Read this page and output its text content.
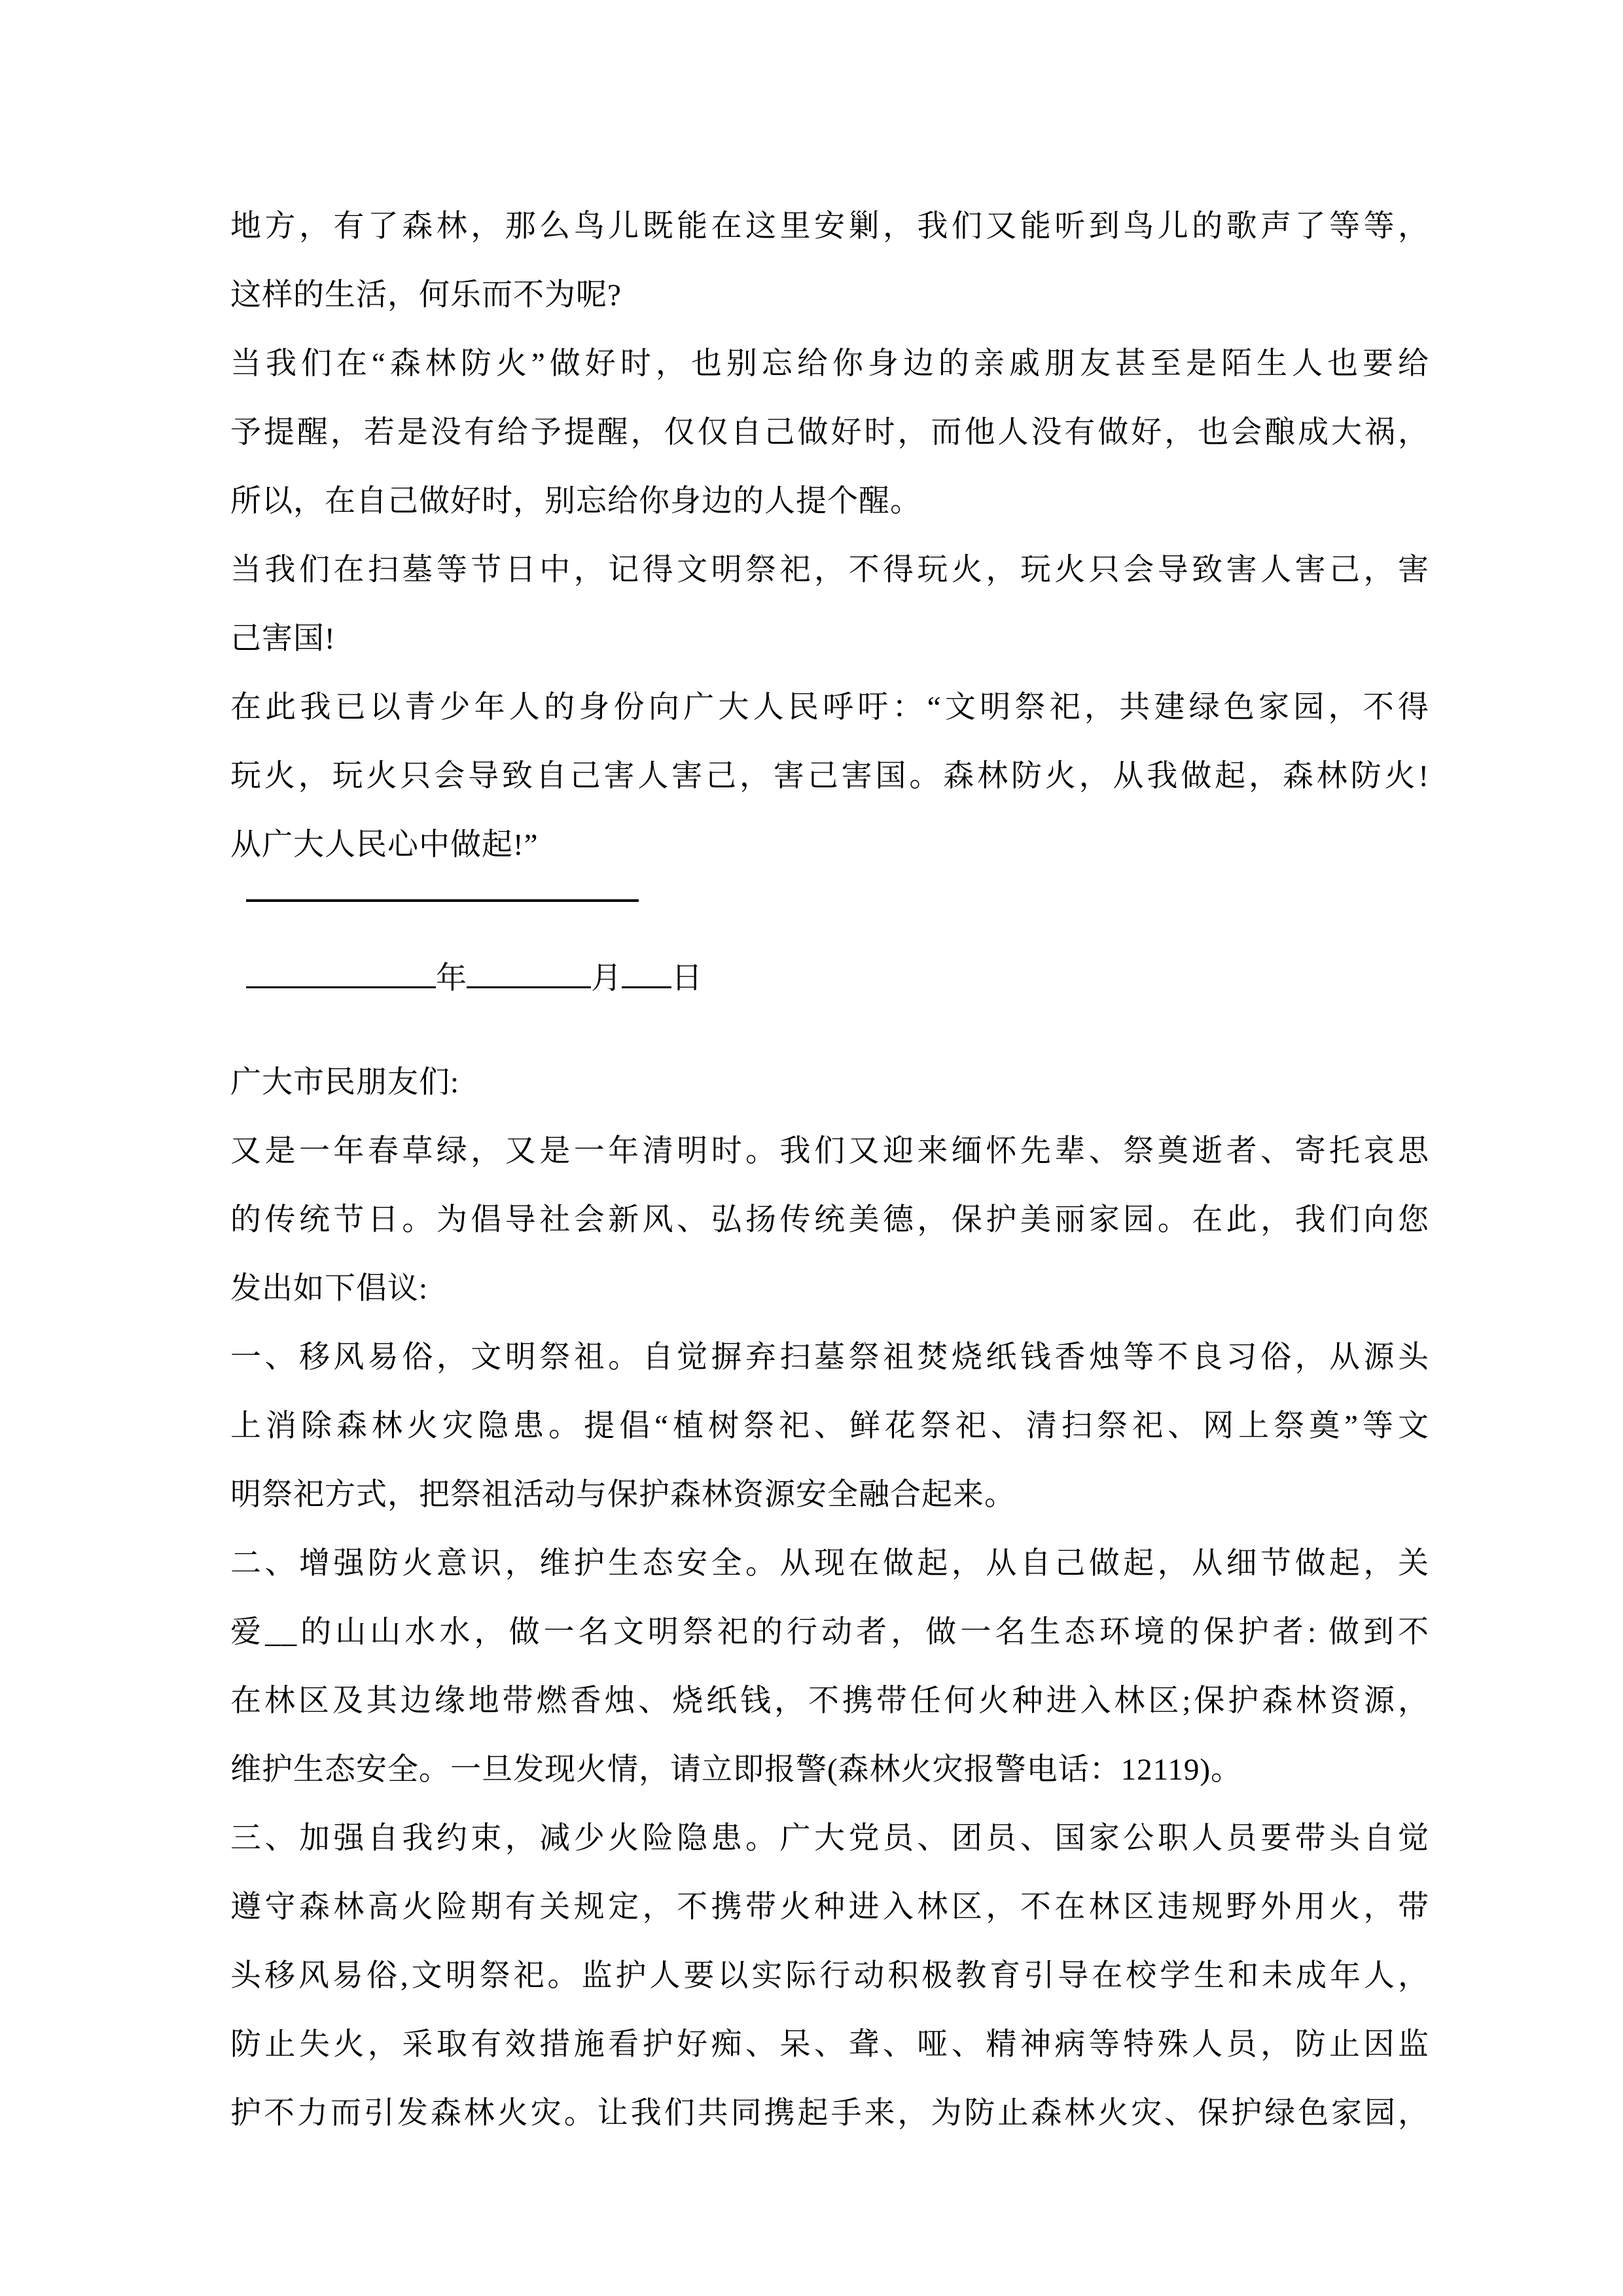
地方，有了森林，那么鸟儿既能在这里安剿，我们又能听到鸟儿的歌声了等等，
这样的生活，何乐而不为呢?
当我们在“森林防火”做好时，也别忘给你身边的亲戚朋友甚至是陌生人也要给
予提醒，若是没有给予提醒，仅仅自己做好时，而他人没有做好，也会酿成大祸，
所以，在自己做好时，别忘给你身边的人提个醒。
当我们在扫墓等节日中，记得文明祭祀，不得玩火，玩火只会导致害人害己，害
己害国!
在此我已以青少年人的身份向广大人民呼吁：“文明祭祀，共建绿色家园，不得
玩火，玩火只会导致自己害人害己，害己害国。森林防火，从我做起，森林防火!
从广大人民心中做起!”
年	月 日
广大市民朋友们:
又是一年春草绿，又是一年清明时。我们又迎来缅怀先辈、祭奠逝者、寄托哀思
的传统节日。为倡导社会新风、弘扬传统美德，保护美丽家园。在此，我们向您
发出如下倡议:
一、移风易俗，文明祭祖。自觉摒弃扫墓祭祖焚烧纸钱香烛等不良习俗，从源头
上消除森林火灾隐患。提倡“植树祭祀、鲜花祭祀、清扫祭祀、网上祭奠”等文
明祭祀方式，把祭祖活动与保护森林资源安全融合起来。
二、增强防火意识，维护生态安全。从现在做起，从自己做起，从细节做起，关
爱__的山山水水，做一名文明祭祀的行动者，做一名生态环境的保护者: 做到不
在林区及其边缘地带燃香烛、烧纸钱，不携带任何火种进入林区;保护森林资源，
维护生态安全。一旦发现火情，请立即报警(森林火灾报警电话：12119)。
三、加强自我约束，减少火险隐患。广大党员、团员、国家公职人员要带头自觉
遵守森林高火险期有关规定，不携带火种进入林区，不在林区违规野外用火，带
头移风易俗,文明祭祀。监护人要以实际行动积极教育引导在校学生和未成年人，
防止失火，采取有效措施看护好痴、呆、聋、哑、精神病等特殊人员，防止因监
护不力而引发森林火灾。让我们共同携起手来，为防止森林火灾、保护绿色家园，
